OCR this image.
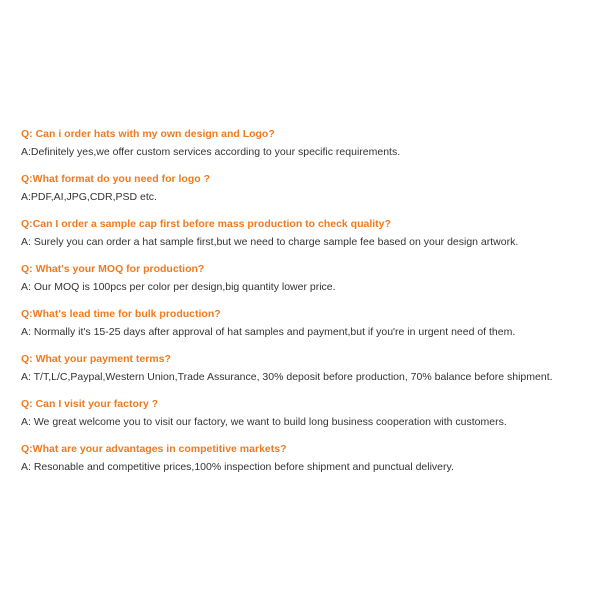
Q: Can i order hats with my own design and Logo?
A:Definitely yes,we offer custom services according to your specific requirements.
Q:What format do you need for logo ?
A:PDF,AI,JPG,CDR,PSD etc.
Q:Can I order a sample cap first before mass production to check quality?
A: Surely you can order a hat sample first,but we need to charge sample fee based on your design artwork.
Q: What's your MOQ for production?
A: Our MOQ is 100pcs per color per design,big quantity lower price.
Q:What's lead time for bulk production?
A: Normally it's 15-25 days after approval of hat samples and payment,but if you're in urgent need of them.
Q: What your payment terms?
A: T/T,L/C,Paypal,Western Union,Trade Assurance, 30% deposit before production, 70% balance before shipment.
Q: Can I visit your factory ?
A: We great welcome you to visit our factory, we want to build long business cooperation with customers.
Q:What are your advantages in competitive markets?
A: Resonable and competitive prices,100% inspection before shipment and punctual delivery.
